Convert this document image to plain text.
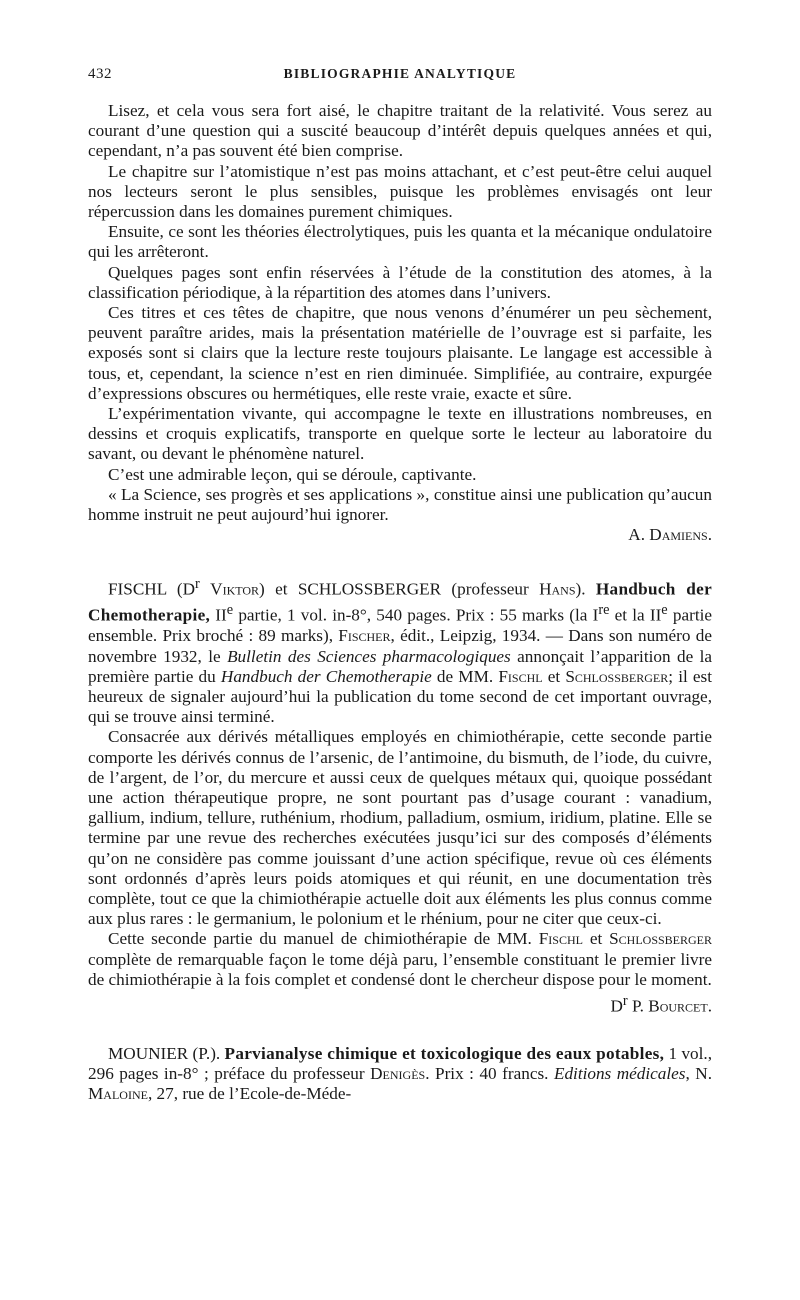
432	BIBLIOGRAPHIE ANALYTIQUE

Lisez, et cela vous sera fort aisé, le chapitre traitant de la relativité. Vous serez au courant d’une question qui a suscité beaucoup d’intérêt depuis quelques années et qui, cependant, n’a pas souvent été bien comprise.

Le chapitre sur l’atomistique n’est pas moins attachant, et c’est peut-être celui auquel nos lecteurs seront le plus sensibles, puisque les problèmes envisagés ont leur répercussion dans les domaines purement chimiques.

Ensuite, ce sont les théories électrolytiques, puis les quanta et la mécanique ondulatoire qui les arrêteront.

Quelques pages sont enfin réservées à l’étude de la constitution des atomes, à la classification périodique, à la répartition des atomes dans l’univers.

Ces titres et ces têtes de chapitre, que nous venons d’énumérer un peu sèchement, peuvent paraître arides, mais la présentation matérielle de l’ouvrage est si parfaite, les exposés sont si clairs que la lecture reste toujours plaisante. Le langage est accessible à tous, et, cependant, la science n’est en rien diminuée. Simplifiée, au contraire, expurgée d’expressions obscures ou hermétiques, elle reste vraie, exacte et sûre.

L’expérimentation vivante, qui accompagne le texte en illustrations nombreuses, en dessins et croquis explicatifs, transporte en quelque sorte le lecteur au laboratoire du savant, ou devant le phénomène naturel.

C’est une admirable leçon, qui se déroule, captivante.

« La Science, ses progrès et ses applications », constitue ainsi une publication qu’aucun homme instruit ne peut aujourd’hui ignorer.

A. Damiens.

FISCHL ($D^r$ Viktor) et SCHLOSSBERGER (professeur Hans). Handbuch der Chemotherapie, IIe partie, 1 vol. in-8°, 540 pages. Prix : 55 marks (la Ire et la IIe partie ensemble. Prix broché : 89 marks), Fischer, édit., Leipzig, 1934. — Dans son numéro de novembre 1932, le Bulletin des Sciences pharmacologiques annonçait l’apparition de la première partie du Handbuch der Chemotherapie de MM. Fischl et Schlossberger; il est heureux de signaler aujourd’hui la publication du tome second de cet important ouvrage, qui se trouve ainsi terminé.

Consacrée aux dérivés métalliques employés en chimiothérapie, cette seconde partie comporte les dérivés connus de l’arsenic, de l’antimoine, du bismuth, de l’iode, du cuivre, de l’argent, de l’or, du mercure et aussi ceux de quelques métaux qui, quoique possédant une action thérapeutique propre, ne sont pourtant pas d’usage courant : vanadium, gallium, indium, tellure, ruthénium, rhodium, palladium, osmium, iridium, platine. Elle se termine par une revue des recherches exécutées jusqu’ici sur des composés d’éléments qu’on ne considère pas comme jouissant d’une action spécifique, revue où ces éléments sont ordonnés d’après leurs poids atomiques et qui réunit, en une documentation très complète, tout ce que la chimiothérapie actuelle doit aux éléments les plus connus comme aux plus rares : le germanium, le polonium et le rhénium, pour ne citer que ceux-ci.

Cette seconde partie du manuel de chimiothérapie de MM. Fischl et Schlossberger complète de remarquable façon le tome déjà paru, l’ensemble constituant le premier livre de chimiothérapie à la fois complet et condensé dont le chercheur dispose pour le moment.

$D^r$ P. Bourcet.

MOUNIER (P.). Parvianalyse chimique et toxicologique des eaux potables, 1 vol., 296 pages in-8° ; préface du professeur Denigès. Prix : 40 francs. Editions médicales, N. Maloine, 27, rue de l’Ecole-de-Méde-
